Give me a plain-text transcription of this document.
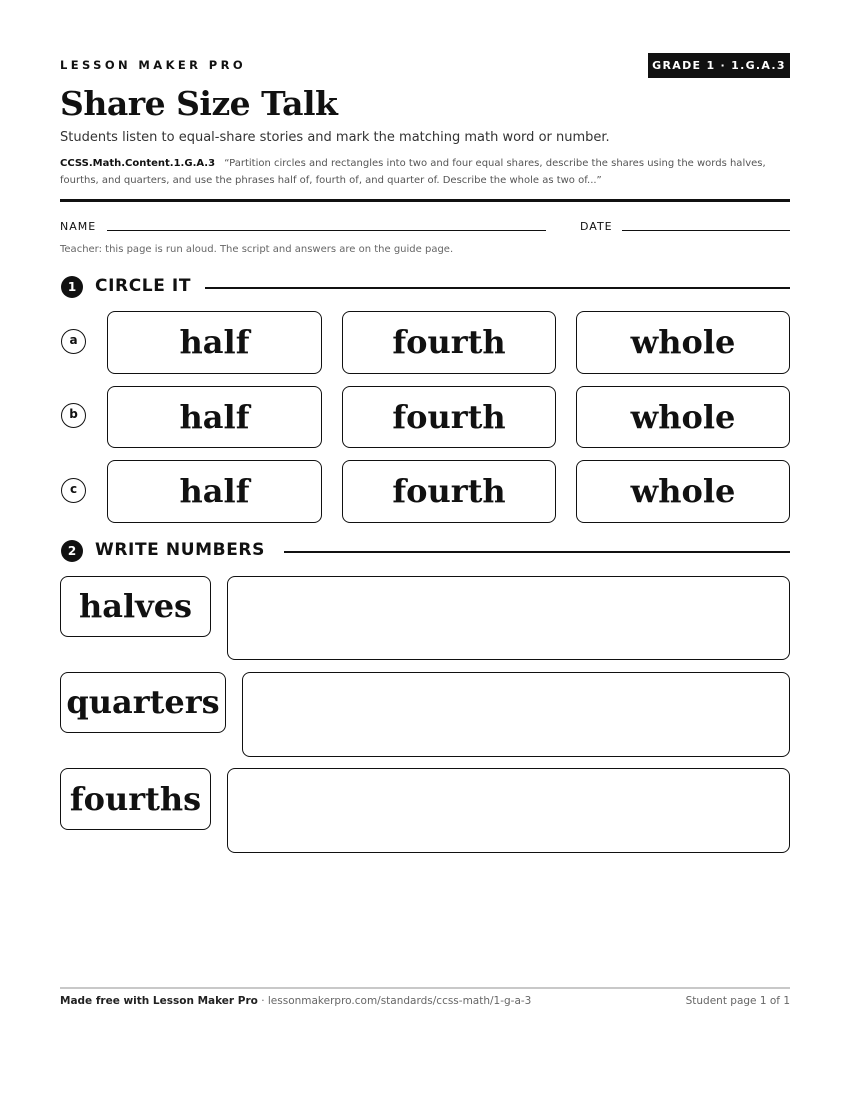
LESSON MAKER PRO	GRADE 1 · 1.G.A.3
Share Size Talk
Students listen to equal-share stories and mark the matching math word or number.
CCSS.Math.Content.1.G.A.3 “Partition circles and rectangles into two and four equal shares, describe the shares using the words halves, fourths, and quarters, and use the phrases half of, fourth of, and quarter of. Describe the whole as two of...”
NAME	DATE
Teacher: this page is run aloud. The script and answers are on the guide page.
1	CIRCLE IT
a	half	fourth	whole
b	half	fourth	whole
c	half	fourth	whole
2	WRITE NUMBERS
halves
quarters
fourths
Made free with Lesson Maker Pro · lessonmakerpro.com/standards/ccss-math/1-g-a-3	Student page 1 of 1
